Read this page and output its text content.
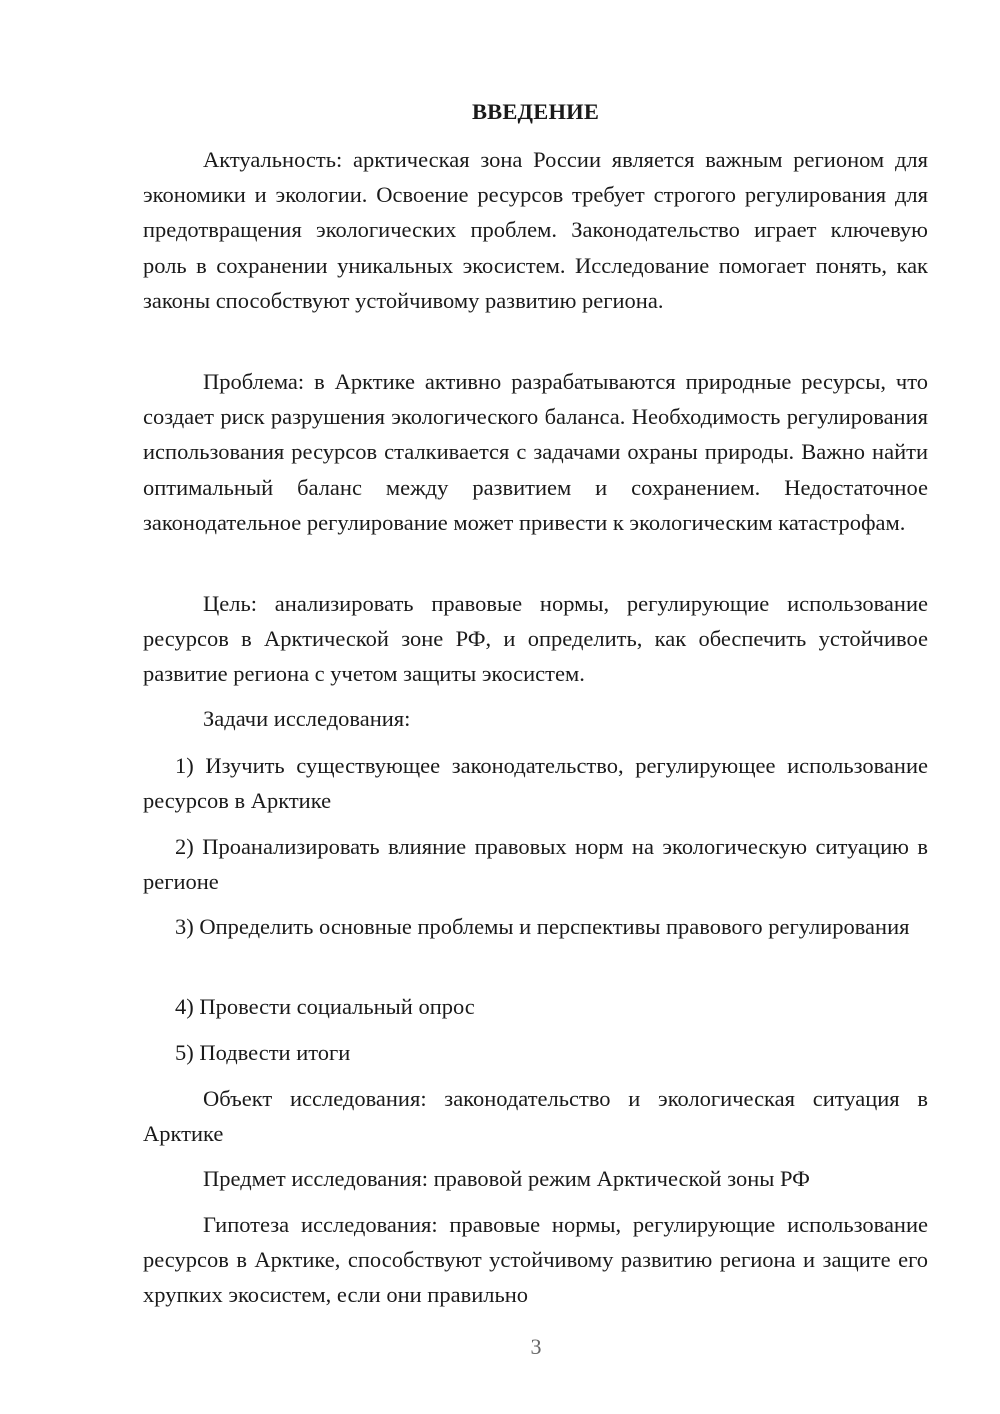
ВВЕДЕНИЕ

Актуальность: арктическая зона России является важным регионом для экономики и экологии. Освоение ресурсов требует строгого регулирования для предотвращения экологических проблем. Законодательство играет ключевую роль в сохранении уникальных экосистем. Исследование помогает понять, как законы способствуют устойчивому развитию региона.

Проблема: в Арктике активно разрабатываются природные ресурсы, что создает риск разрушения экологического баланса. Необходимость регулирования использования ресурсов сталкивается с задачами охраны природы. Важно найти оптимальный баланс между развитием и сохранением. Недостаточное законодательное регулирование может привести к экологическим катастрофам.

Цель: анализировать правовые нормы, регулирующие использование ресурсов в Арктической зоне РФ, и определить, как обеспечить устойчивое развитие региона с учетом защиты экосистем.

Задачи исследования:

1) Изучить существующее законодательство, регулирующее использование ресурсов в Арктике

2) Проанализировать влияние правовых норм на экологическую ситуацию в регионе

3) Определить основные проблемы и перспективы правового регулирования

4) Провести социальный опрос

5) Подвести итоги

Объект исследования: законодательство и экологическая ситуация в Арктике

Предмет исследования: правовой режим Арктической зоны РФ

Гипотеза исследования: правовые нормы, регулирующие использование ресурсов в Арктике, способствуют устойчивому развитию региона и защите его хрупких экосистем, если они правильно

3
